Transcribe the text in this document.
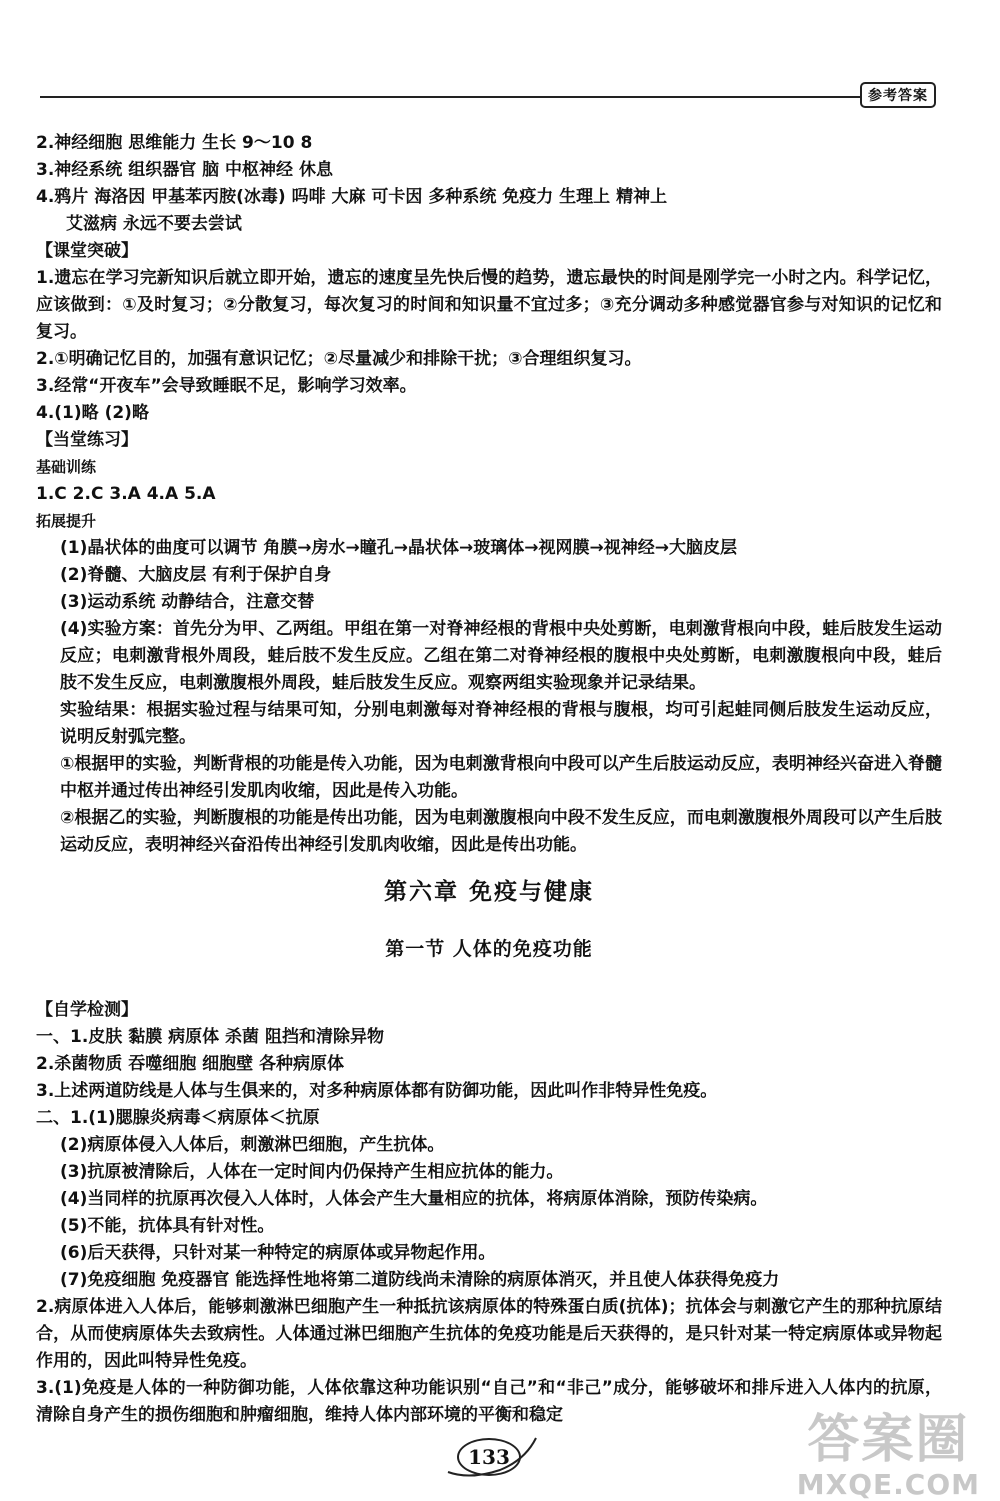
参考答案
2.神经细胞 思维能力 生长 9～10 8
3.神经系统 组织器官 脑 中枢神经 休息
4.鸦片 海洛因 甲基苯丙胺(冰毒) 吗啡 大麻 可卡因 多种系统 免疫力 生理上 精神上
艾滋病 永远不要去尝试
【课堂突破】
1.遗忘在学习完新知识后就立即开始，遗忘的速度呈先快后慢的趋势，遗忘最快的时间是刚学完一小时之内。科学记忆，应该做到：①及时复习；②分散复习，每次复习的时间和知识量不宜过多；③充分调动多种感觉器官参与对知识的记忆和复习。
2.①明确记忆目的，加强有意识记忆；②尽量减少和排除干扰；③合理组织复习。
3.经常“开夜车”会导致睡眠不足，影响学习效率。
4.(1)略 (2)略
【当堂练习】
基础训练
1.C 2.C 3.A 4.A 5.A
拓展提升
(1)晶状体的曲度可以调节 角膜→房水→瞳孔→晶状体→玻璃体→视网膜→视神经→大脑皮层
(2)脊髓、大脑皮层 有利于保护自身
(3)运动系统 动静结合，注意交替
(4)实验方案：首先分为甲、乙两组。甲组在第一对脊神经根的背根中央处剪断，电刺激背根向中段，蛙后肢发生运动反应；电刺激背根外周段，蛙后肢不发生反应。乙组在第二对脊神经根的腹根中央处剪断，电刺激腹根向中段，蛙后肢不发生反应，电刺激腹根外周段，蛙后肢发生反应。观察两组实验现象并记录结果。
实验结果：根据实验过程与结果可知，分别电刺激每对脊神经根的背根与腹根，均可引起蛙同侧后肢发生运动反应，说明反射弧完整。
①根据甲的实验，判断背根的功能是传入功能，因为电刺激背根向中段可以产生后肢运动反应，表明神经兴奋进入脊髓中枢并通过传出神经引发肌肉收缩，因此是传入功能。
②根据乙的实验，判断腹根的功能是传出功能，因为电刺激腹根向中段不发生反应，而电刺激腹根外周段可以产生后肢运动反应，表明神经兴奋沿传出神经引发肌肉收缩，因此是传出功能。
第六章 免疫与健康
第一节 人体的免疫功能
【自学检测】
一、1.皮肤 黏膜 病原体 杀菌 阻挡和清除异物
2.杀菌物质 吞噬细胞 细胞壁 各种病原体
3.上述两道防线是人体与生俱来的，对多种病原体都有防御功能，因此叫作非特异性免疫。
二、1.(1)腮腺炎病毒＜病原体＜抗原
(2)病原体侵入人体后，刺激淋巴细胞，产生抗体。
(3)抗原被清除后，人体在一定时间内仍保持产生相应抗体的能力。
(4)当同样的抗原再次侵入人体时，人体会产生大量相应的抗体，将病原体消除，预防传染病。
(5)不能，抗体具有针对性。
(6)后天获得，只针对某一种特定的病原体或异物起作用。
(7)免疫细胞 免疫器官 能选择性地将第二道防线尚未清除的病原体消灭，并且使人体获得免疫力
2.病原体进入人体后，能够刺激淋巴细胞产生一种抵抗该病原体的特殊蛋白质(抗体)；抗体会与刺激它产生的那种抗原结合，从而使病原体失去致病性。人体通过淋巴细胞产生抗体的免疫功能是后天获得的，是只针对某一特定病原体或异物起作用的，因此叫特异性免疫。
3.(1)免疫是人体的一种防御功能，人体依靠这种功能识别“自己”和“非己”成分，能够破坏和排斥进入人体内的抗原，清除自身产生的损伤细胞和肿瘤细胞，维持人体内部环境的平衡和稳定
133	答案圈
MXQE.COM
